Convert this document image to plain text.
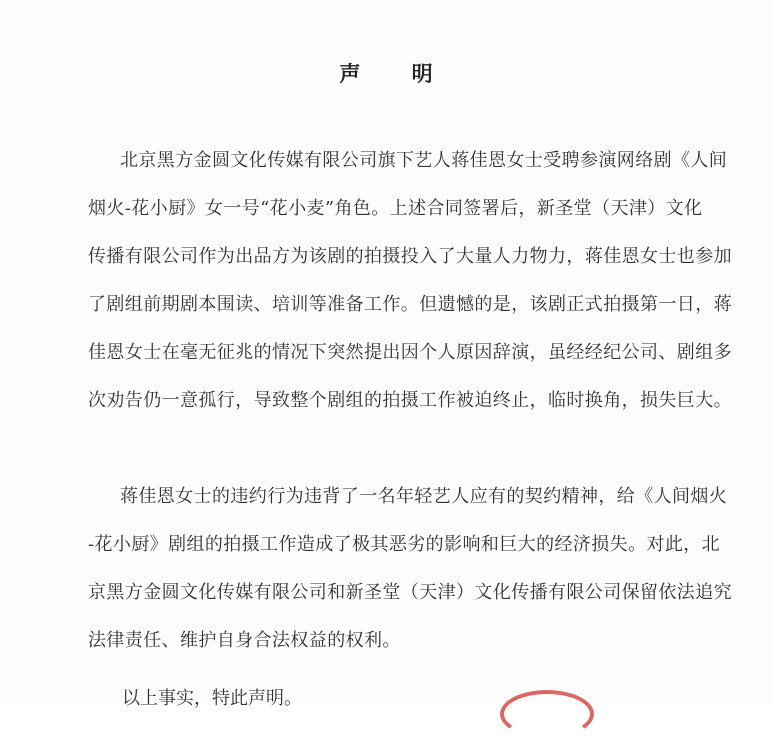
声 明
北京黑方金圆文化传媒有限公司旗下艺人蒋佳恩女士受聘参演网络剧《人间
烟火-花小厨》女一号“花小麦”角色。上述合同签署后，新圣堂（天津）文化
传播有限公司作为出品方为该剧的拍摄投入了大量人力物力，蒋佳恩女士也参加
了剧组前期剧本围读、培训等准备工作。但遗憾的是，该剧正式拍摄第一日，蒋
佳恩女士在毫无征兆的情况下突然提出因个人原因辞演，虽经经纪公司、剧组多
次劝告仍一意孤行，导致整个剧组的拍摄工作被迫终止，临时换角，损失巨大。
蒋佳恩女士的违约行为违背了一名年轻艺人应有的契约精神，给《人间烟火
-花小厨》剧组的拍摄工作造成了极其恶劣的影响和巨大的经济损失。对此，北
京黑方金圆文化传媒有限公司和新圣堂（天津）文化传播有限公司保留依法追究
法律责任、维护自身合法权益的权利。
以上事实，特此声明。
